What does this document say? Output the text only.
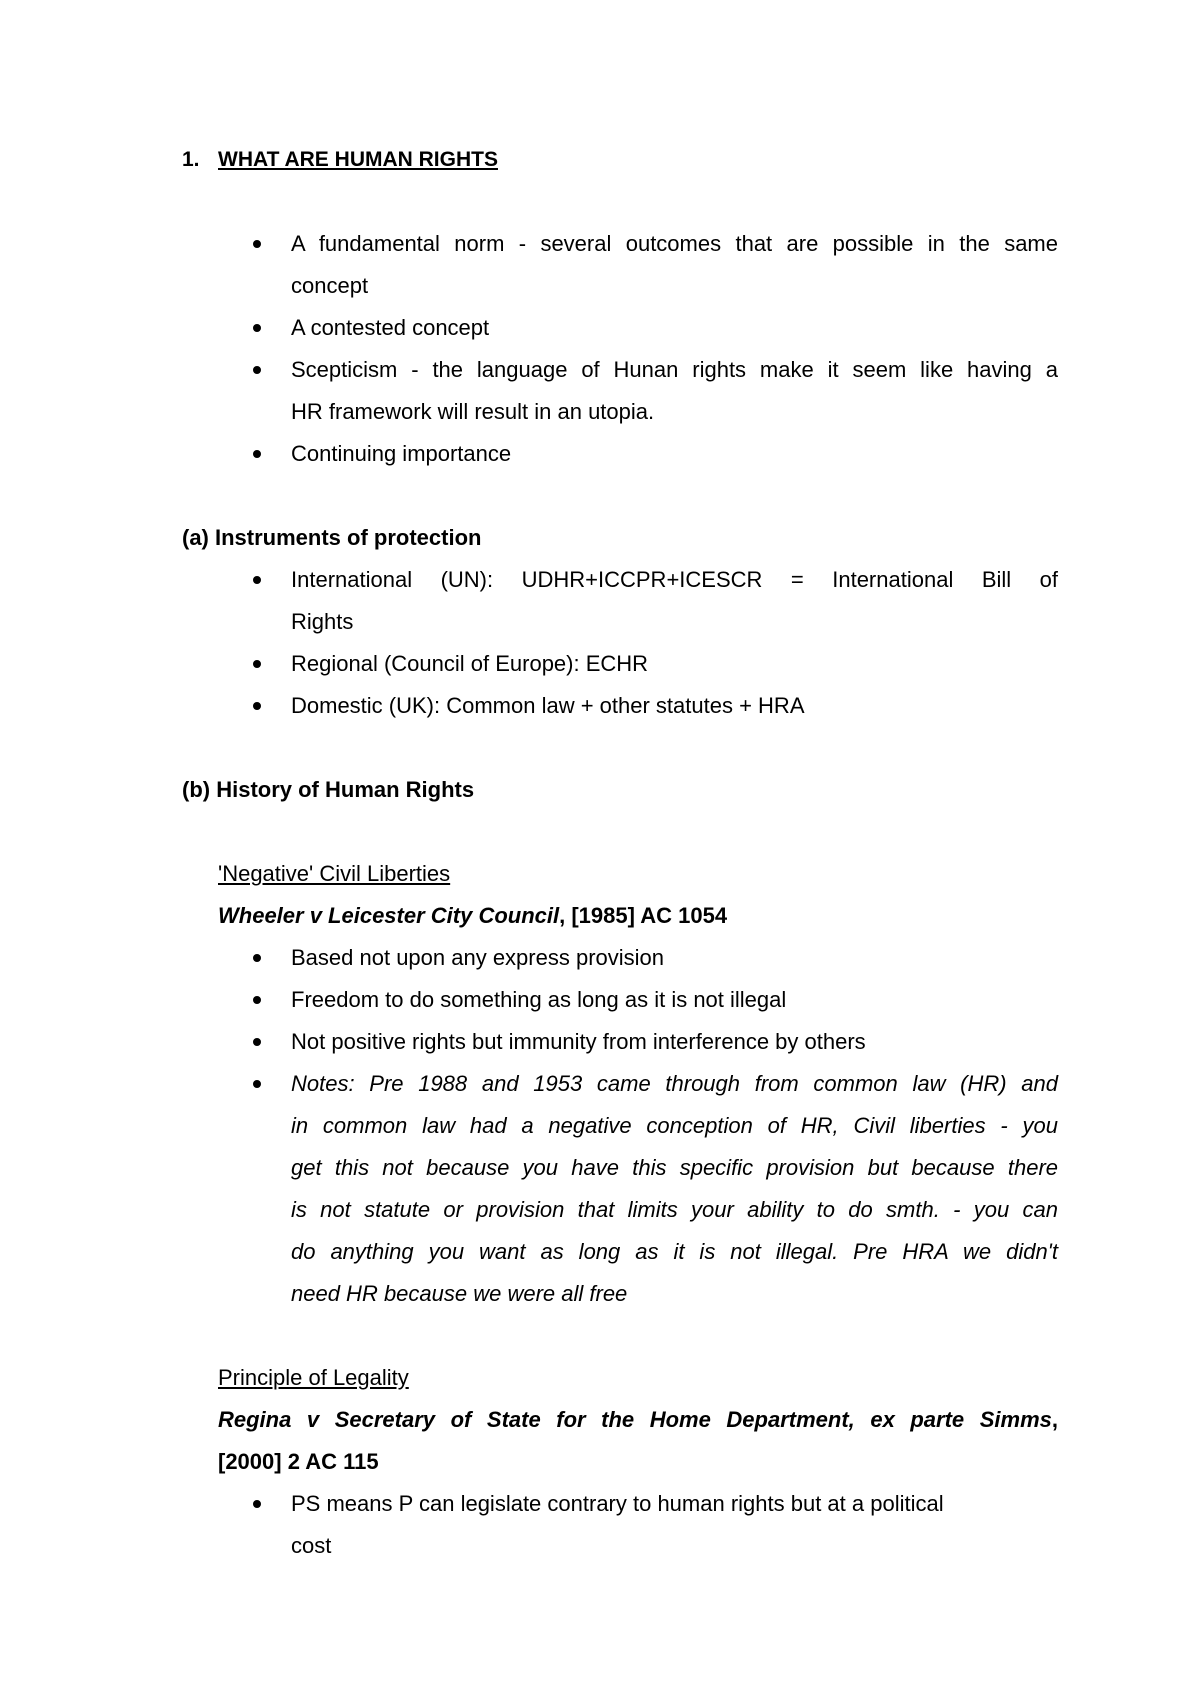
1. WHAT ARE HUMAN RIGHTS
A fundamental norm - several outcomes that are possible in the same
concept
A contested concept
Scepticism - the language of Hunan rights make it seem like having a
HR framework will result in an utopia.
Continuing importance
(a) Instruments of protection
International (UN): UDHR+ICCPR+ICESCR = International Bill of
Rights
Regional (Council of Europe): ECHR
Domestic (UK): Common law + other statutes + HRA
(b) History of Human Rights
'Negative' Civil Liberties
Wheeler v Leicester City Council, [1985] AC 1054
Based not upon any express provision
Freedom to do something as long as it is not illegal
Not positive rights but immunity from interference by others
Notes: Pre 1988 and 1953 came through from common law (HR) and
in common law had a negative conception of HR, Civil liberties - you
get this not because you have this specific provision but because there
is not statute or provision that limits your ability to do smth. - you can
do anything you want as long as it is not illegal. Pre HRA we didn't
need HR because we were all free
Principle of Legality
Regina v Secretary of State for the Home Department, ex parte Simms,
[2000] 2 AC 115
PS means P can legislate contrary to human rights but at a political
cost
